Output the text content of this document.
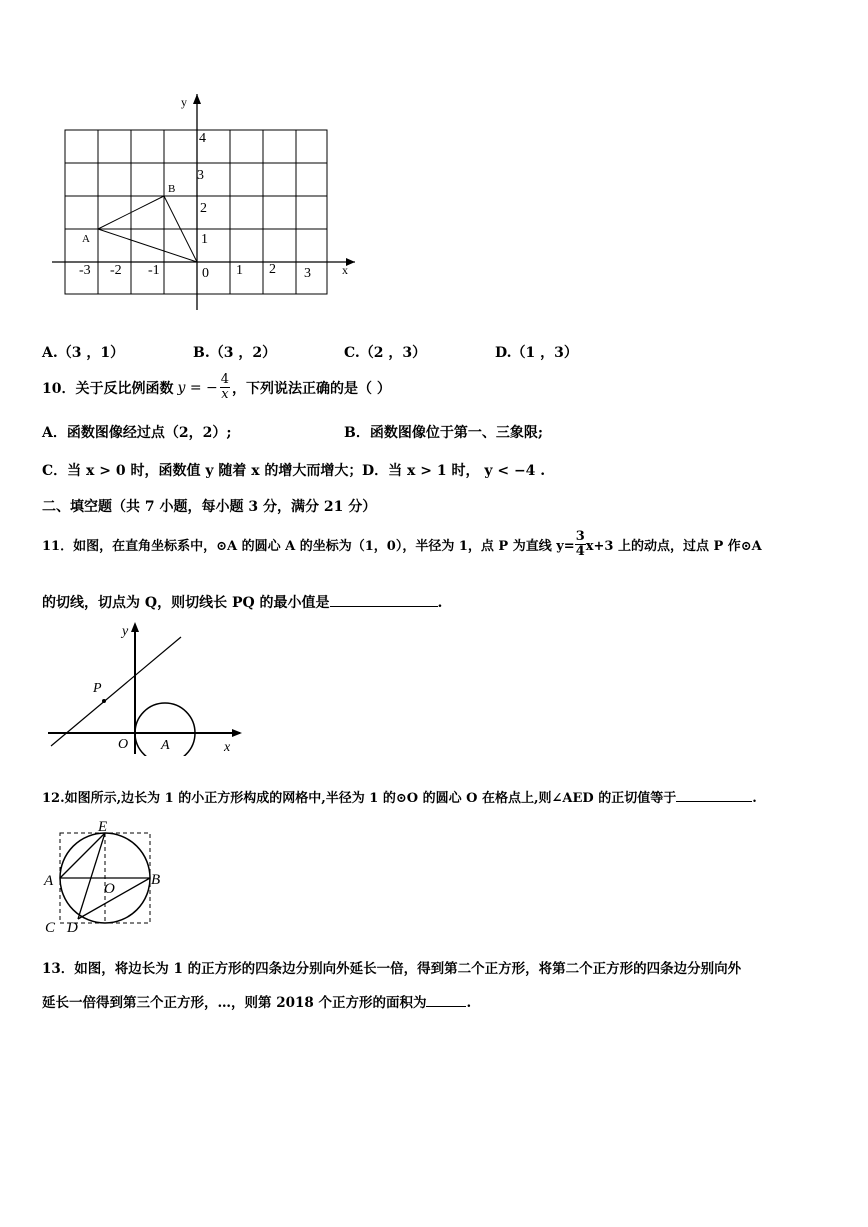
y
x
4
3
2
1
-3 -2 -1	0 1 2 3
A
B
A.（3 ，1）	B.（3 ，2）	C.（2 ，3）	D.（1 ，3）
10．关于反比例函数 y = − $\frac{4}{x}$ ，下列说法正确的是（ ）
A．函数图像经过点（2，2）;	B．函数图像位于第一、三象限;
C．当 x > 0 时，函数值 y 随着 x 的增大而增大； D．当 x > 1 时， y < −4 .
二、填空题（共 7 小题，每小题 3 分，满分 21 分）
11．如图，在直角坐标系中，⊙A 的圆心 A 的坐标为（1，0），半径为 1，点 P 为直线 $y= \frac{3}{4} x+3$ 上的动点，过点 P 作⊙A
的切线，切点为 Q，则切线长 PQ 的最小值是	.
y
x
P
O A
12.如图所示,边长为 1 的小正方形构成的网格中,半径为 1 的⊙O 的圆心 O 在格点上,则∠AED 的正切值等于	.
E
A	O
B
C D
13．如图，将边长为 1 的正方形的四条边分别向外延长一倍，得到第二个正方形，将第二个正方形的四条边分别向外
延长一倍得到第三个正方形，…，则第 2018 个正方形的面积为	.
